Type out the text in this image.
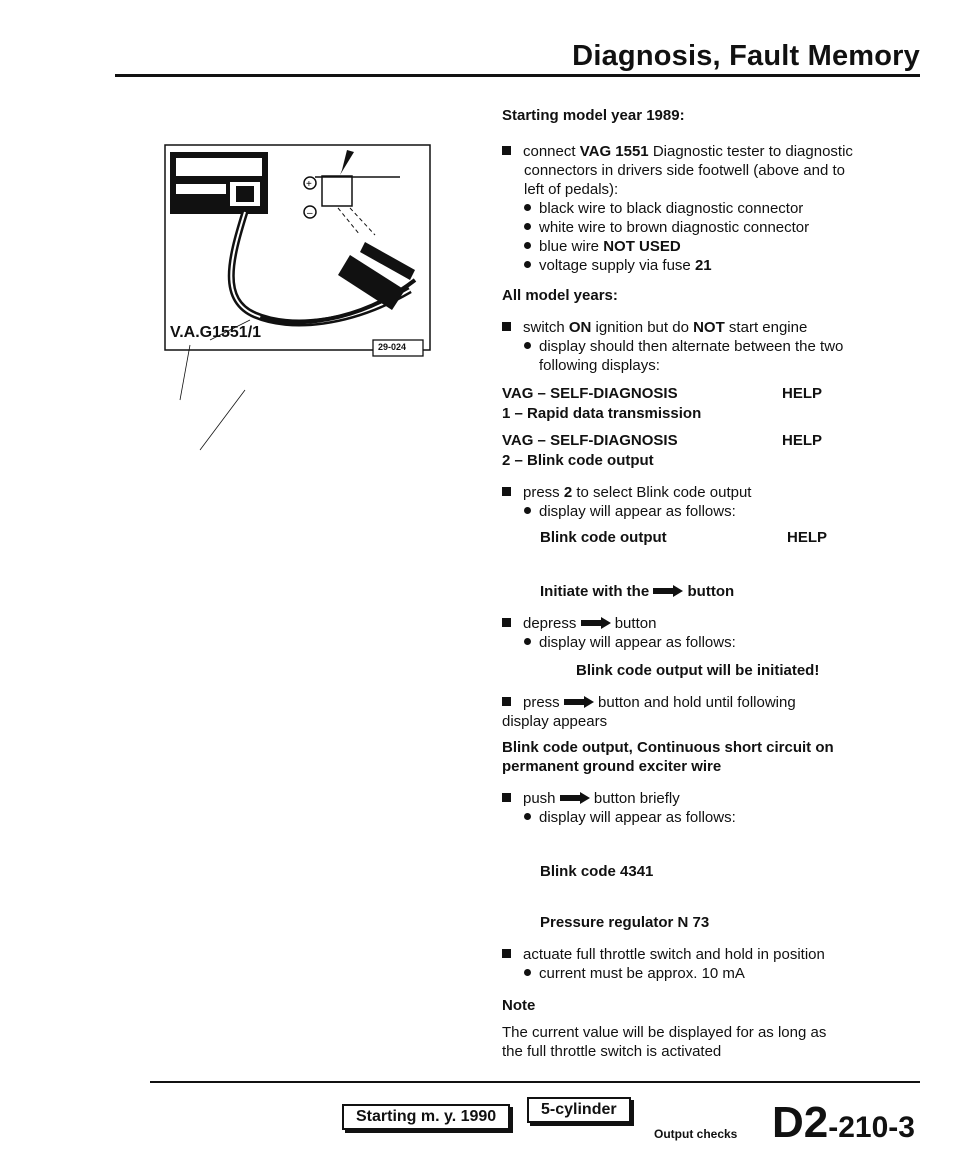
Diagnosis, Fault Memory
+
–
V.A.G1551/1
29-024
Starting model year 1989:
connect VAG 1551 Diagnostic tester to diagnostic
connectors in drivers side footwell (above and to
left of pedals):
black wire to black diagnostic connector
white wire to brown diagnostic connector
blue wire NOT USED
voltage supply via fuse 21
All model years:
switch ON ignition but do NOT start engine
display should then alternate between the two
following displays:
VAG – SELF-DIAGNOSIS	HELP
1 – Rapid data transmission
VAG – SELF-DIAGNOSIS	HELP
2 – Blink code output
press 2 to select Blink code output
display will appear as follows:
Blink code output	HELP
Initiate with the	button
depress	button
display will appear as follows:
Blink code output will be initiated!
press	button and hold until following
display appears
Blink code output, Continuous short circuit on
permanent ground exciter wire
push	button briefly
display will appear as follows:
Blink code 4341
Pressure regulator N 73
actuate full throttle switch and hold in position
current must be approx. 10 mA
Note
The current value will be displayed for as long as
the full throttle switch is activated
Starting m. y. 1990	5-cylinder
Output checks D2-210-3
